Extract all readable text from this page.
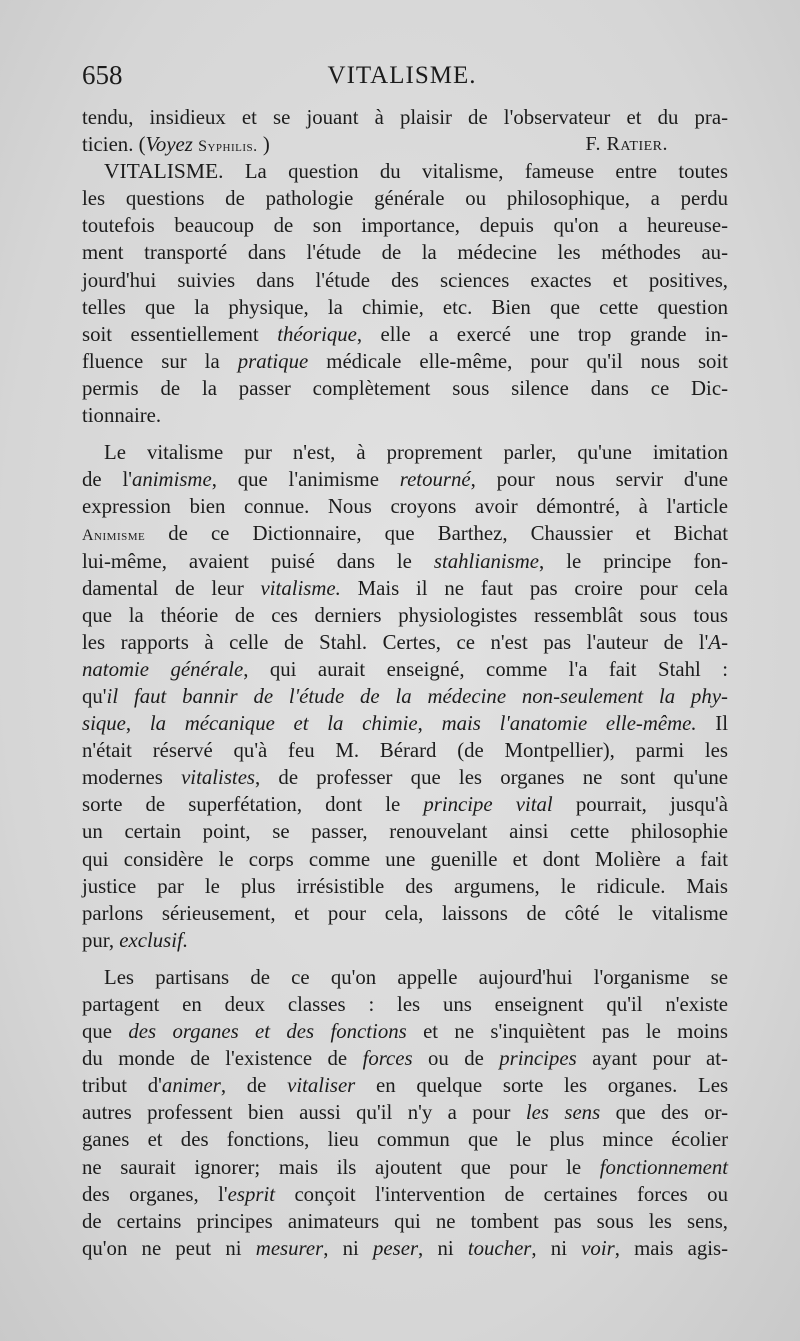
658	VITALISME.
tendu, insidieux et se jouant à plaisir de l'observateur et du pra-
ticien. (Voyez Syphilis. )	F. Ratier.
VITALISME. La question du vitalisme, fameuse entre toutes
les questions de pathologie générale ou philosophique, a perdu
toutefois beaucoup de son importance, depuis qu'on a heureuse-
ment transporté dans l'étude de la médecine les méthodes au-
jourd'hui suivies dans l'étude des sciences exactes et positives,
telles que la physique, la chimie, etc. Bien que cette question
soit essentiellement théorique, elle a exercé une trop grande in-
fluence sur la pratique médicale elle-même, pour qu'il nous soit
permis de la passer complètement sous silence dans ce Dic-
tionnaire.
Le vitalisme pur n'est, à proprement parler, qu'une imitation
de l'animisme, que l'animisme retourné, pour nous servir d'une
expression bien connue. Nous croyons avoir démontré, à l'article
Animisme de ce Dictionnaire, que Barthez, Chaussier et Bichat
lui-même, avaient puisé dans le stahlianisme, le principe fon-
damental de leur vitalisme. Mais il ne faut pas croire pour cela
que la théorie de ces derniers physiologistes ressemblât sous tous
les rapports à celle de Stahl. Certes, ce n'est pas l'auteur de l'A-
natomie générale, qui aurait enseigné, comme l'a fait Stahl :
qu'il faut bannir de l'étude de la médecine non-seulement la phy-
sique, la mécanique et la chimie, mais l'anatomie elle-même. Il
n'était réservé qu'à feu M. Bérard (de Montpellier), parmi les
modernes vitalistes, de professer que les organes ne sont qu'une
sorte de superfétation, dont le principe vital pourrait, jusqu'à
un certain point, se passer, renouvelant ainsi cette philosophie
qui considère le corps comme une guenille et dont Molière a fait
justice par le plus irrésistible des argumens, le ridicule. Mais
parlons sérieusement, et pour cela, laissons de côté le vitalisme
pur, exclusif.
Les partisans de ce qu'on appelle aujourd'hui l'organisme se
partagent en deux classes : les uns enseignent qu'il n'existe
que des organes et des fonctions et ne s'inquiètent pas le moins
du monde de l'existence de forces ou de principes ayant pour at-
tribut d'animer, de vitaliser en quelque sorte les organes. Les
autres professent bien aussi qu'il n'y a pour les sens que des or-
ganes et des fonctions, lieu commun que le plus mince écolier
ne saurait ignorer; mais ils ajoutent que pour le fonctionnement
des organes, l'esprit conçoit l'intervention de certaines forces ou
de certains principes animateurs qui ne tombent pas sous les sens,
qu'on ne peut ni mesurer, ni peser, ni toucher, ni voir, mais agis-
